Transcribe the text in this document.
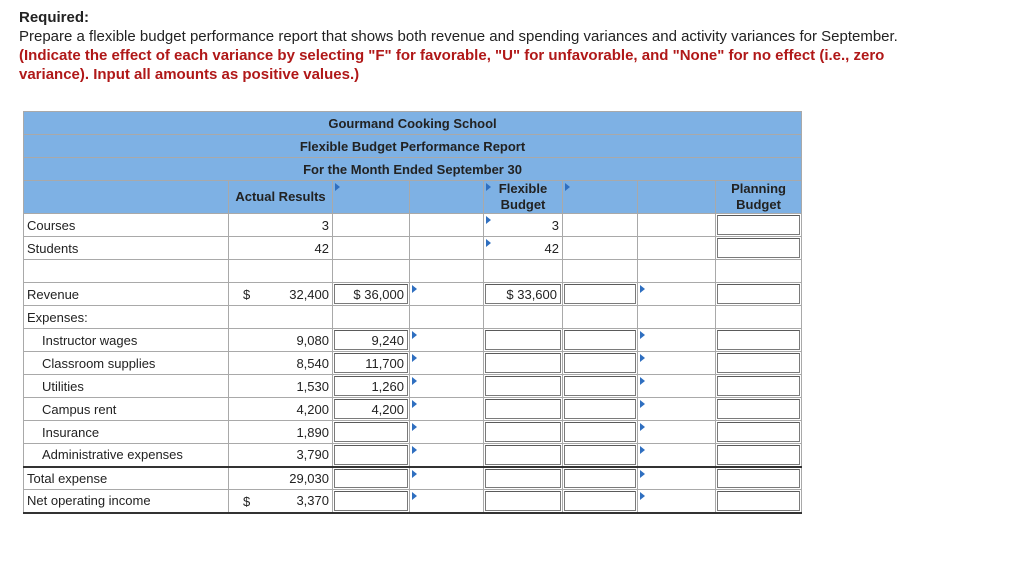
Required:
Prepare a flexible budget performance report that shows both revenue and spending variances and activity variances for September.
(Indicate the effect of each variance by selecting "F" for favorable, "U" for unfavorable, and "None" for no effect (i.e., zero
variance). Input all amounts as positive values.)
Gourmand Cooking School							
Flexible Budget Performance Report							
For the Month Ended September 30							
	Actual Results			Flexible
Budget			Planning
Budget
Courses	3			3			

Students	42			42			

Revenue	$ 32,400	$ 36,000		$ 33,600			

Expenses:							
Instructor wages	9,080	9,240					

Classroom supplies	8,540	11,700					

Utilities	1,530	1,260					

Campus rent	4,200	4,200					

Insurance	1,890	

Administrative expenses	3,790	

Total expense	29,030	

Net operating income	$ 3,370	
